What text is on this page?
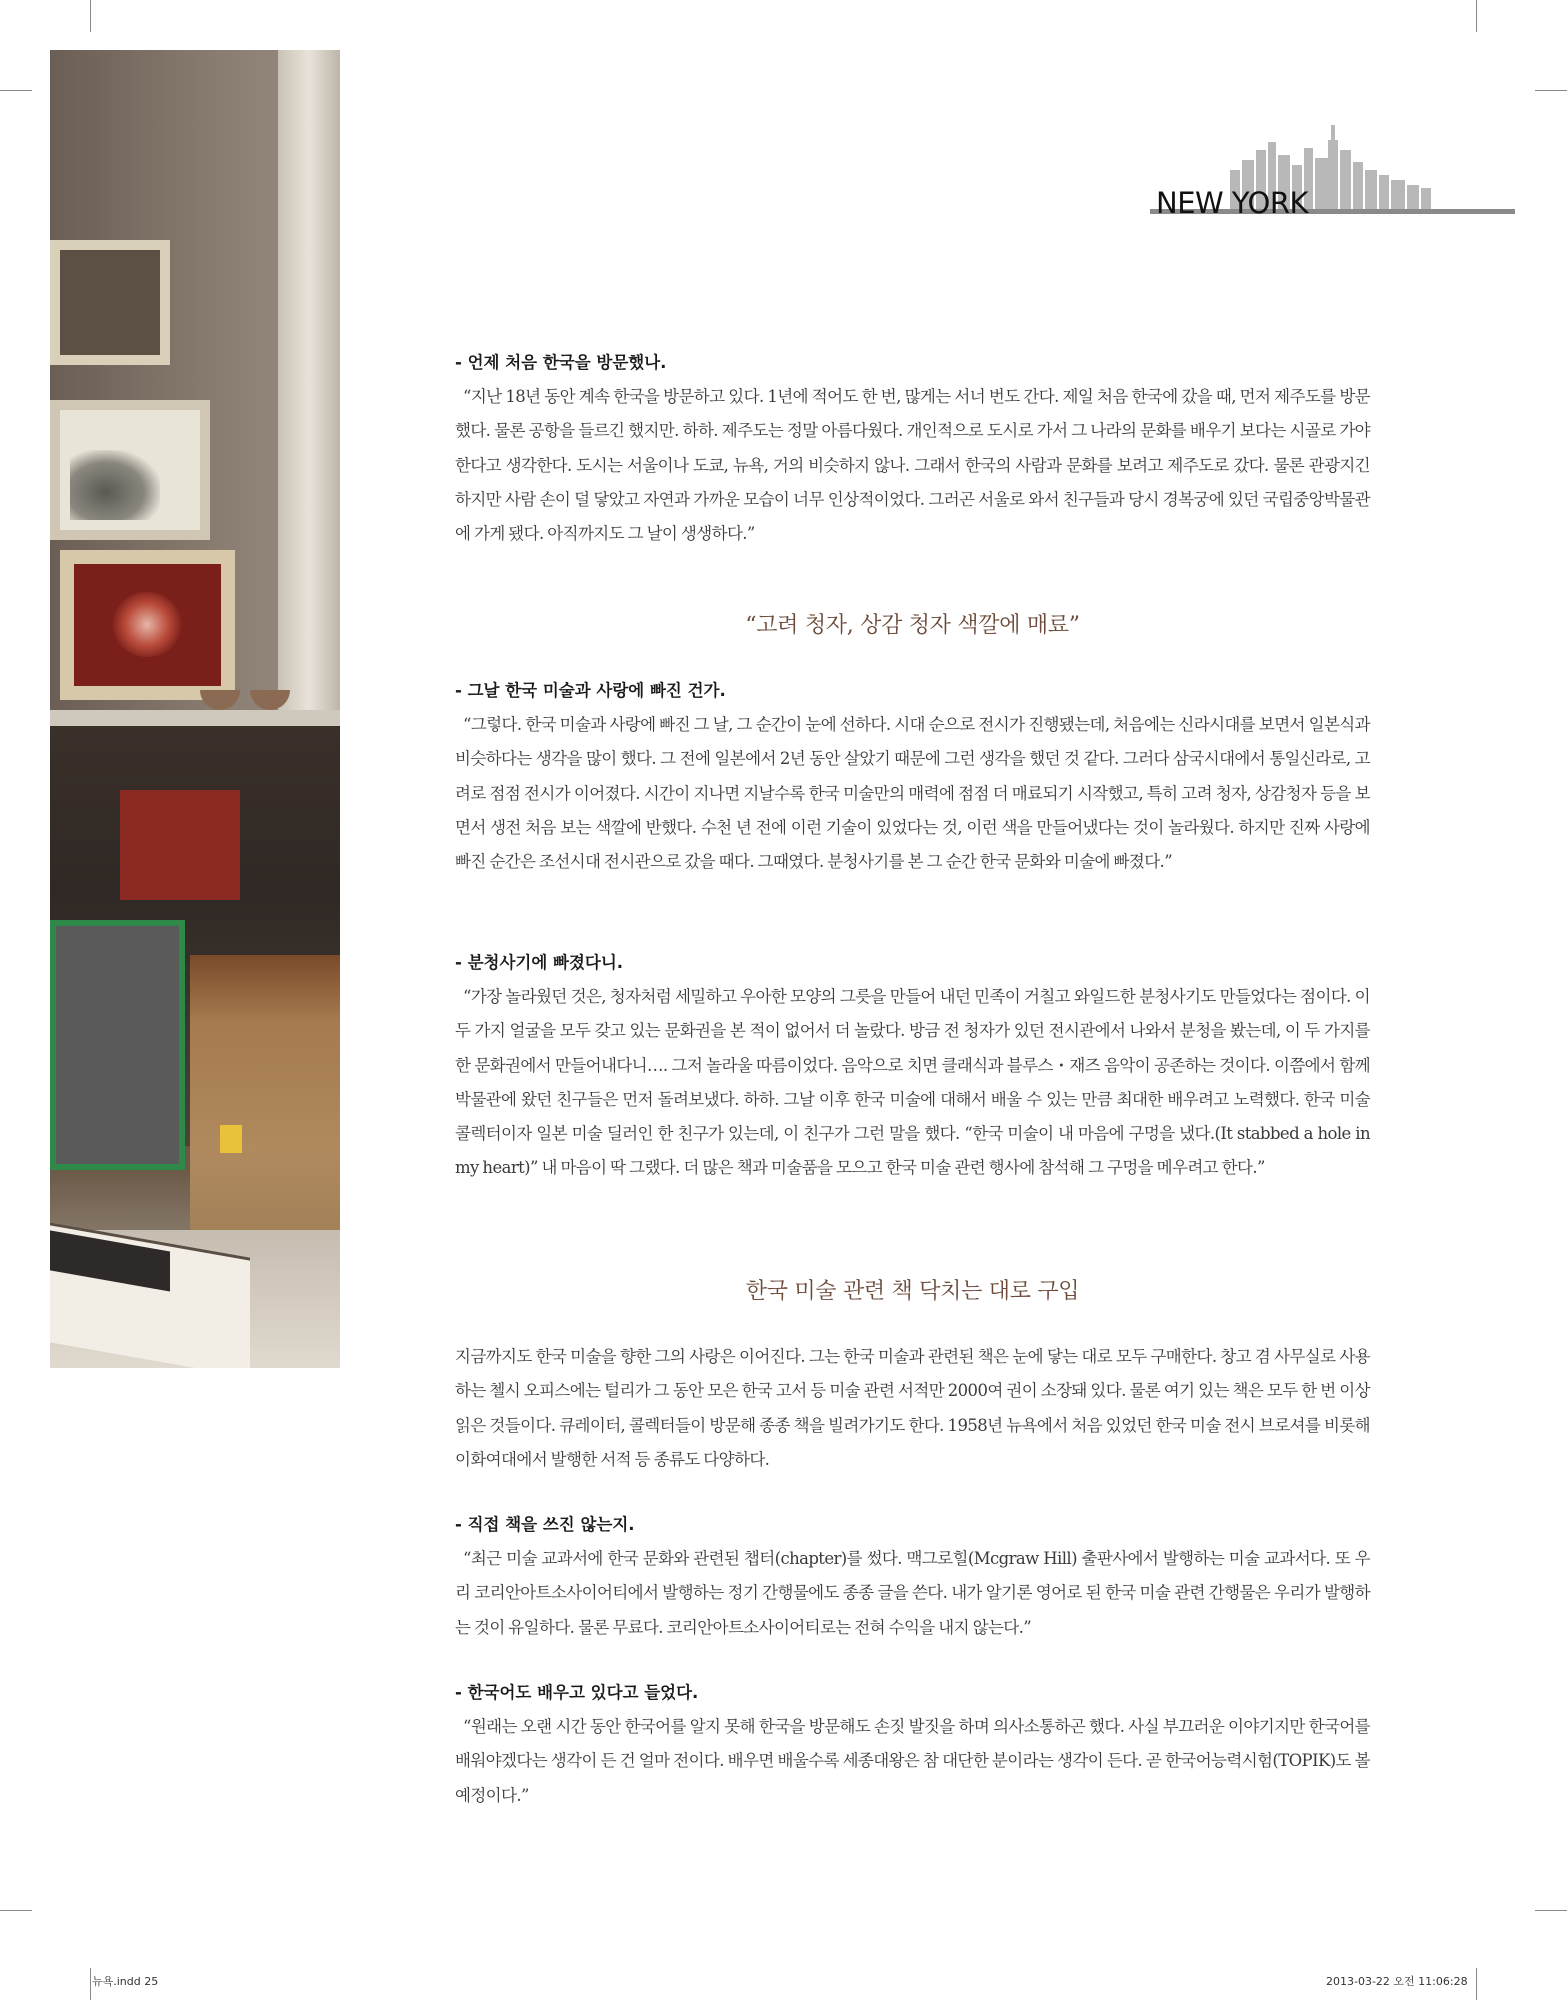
NEW YORK
- 언제 처음 한국을 방문했나.
“지난 18년 동안 계속 한국을 방문하고 있다. 1년에 적어도 한 번, 많게는 서너 번도 간다. 제일 처음 한국에 갔을 때, 먼저 제주도를 방문했다. 물론 공항을 들르긴 했지만. 하하. 제주도는 정말 아름다웠다. 개인적으로 도시로 가서 그 나라의 문화를 배우기 보다는 시골로 가야 한다고 생각한다. 도시는 서울이나 도쿄, 뉴욕, 거의 비슷하지 않나. 그래서 한국의 사람과 문화를 보려고 제주도로 갔다. 물론 관광지긴 하지만 사람 손이 덜 닿았고 자연과 가까운 모습이 너무 인상적이었다. 그러곤 서울로 와서 친구들과 당시 경복궁에 있던 국립중앙박물관에 가게 됐다. 아직까지도 그 날이 생생하다.”
“고려 청자, 상감 청자 색깔에 매료”
- 그날 한국 미술과 사랑에 빠진 건가.
“그렇다. 한국 미술과 사랑에 빠진 그 날, 그 순간이 눈에 선하다. 시대 순으로 전시가 진행됐는데, 처음에는 신라시대를 보면서 일본식과 비슷하다는 생각을 많이 했다. 그 전에 일본에서 2년 동안 살았기 때문에 그런 생각을 했던 것 같다. 그러다 삼국시대에서 통일신라로, 고려로 점점 전시가 이어졌다. 시간이 지나면 지날수록 한국 미술만의 매력에 점점 더 매료되기 시작했고, 특히 고려 청자, 상감청자 등을 보면서 생전 처음 보는 색깔에 반했다. 수천 년 전에 이런 기술이 있었다는 것, 이런 색을 만들어냈다는 것이 놀라웠다. 하지만 진짜 사랑에 빠진 순간은 조선시대 전시관으로 갔을 때다. 그때였다. 분청사기를 본 그 순간 한국 문화와 미술에 빠졌다.”
- 분청사기에 빠졌다니.
“가장 놀라웠던 것은, 청자처럼 세밀하고 우아한 모양의 그릇을 만들어 내던 민족이 거칠고 와일드한 분청사기도 만들었다는 점이다. 이 두 가지 얼굴을 모두 갖고 있는 문화권을 본 적이 없어서 더 놀랐다. 방금 전 청자가 있던 전시관에서 나와서 분청을 봤는데, 이 두 가지를 한 문화권에서 만들어내다니…. 그저 놀라울 따름이었다. 음악으로 치면 클래식과 블루스・재즈 음악이 공존하는 것이다. 이쯤에서 함께 박물관에 왔던 친구들은 먼저 돌려보냈다. 하하. 그날 이후 한국 미술에 대해서 배울 수 있는 만큼 최대한 배우려고 노력했다. 한국 미술 콜렉터이자 일본 미술 딜러인 한 친구가 있는데, 이 친구가 그런 말을 했다. “한국 미술이 내 마음에 구멍을 냈다.(It stabbed a hole in my heart)” 내 마음이 딱 그랬다. 더 많은 책과 미술품을 모으고 한국 미술 관련 행사에 참석해 그 구멍을 메우려고 한다.”
한국 미술 관련 책 닥치는 대로 구입
지금까지도 한국 미술을 향한 그의 사랑은 이어진다. 그는 한국 미술과 관련된 책은 눈에 닿는 대로 모두 구매한다. 창고 겸 사무실로 사용하는 첼시 오피스에는 털리가 그 동안 모은 한국 고서 등 미술 관련 서적만 2000여 권이 소장돼 있다. 물론 여기 있는 책은 모두 한 번 이상 읽은 것들이다. 큐레이터, 콜렉터들이 방문해 종종 책을 빌려가기도 한다. 1958년 뉴욕에서 처음 있었던 한국 미술 전시 브로셔를 비롯해 이화여대에서 발행한 서적 등 종류도 다양하다.
- 직접 책을 쓰진 않는지.
“최근 미술 교과서에 한국 문화와 관련된 챕터(chapter)를 썼다. 맥그로힐(Mcgraw Hill) 출판사에서 발행하는 미술 교과서다. 또 우리 코리안아트소사이어티에서 발행하는 정기 간행물에도 종종 글을 쓴다. 내가 알기론 영어로 된 한국 미술 관련 간행물은 우리가 발행하는 것이 유일하다. 물론 무료다. 코리안아트소사이어티로는 전혀 수익을 내지 않는다.”
- 한국어도 배우고 있다고 들었다.
“원래는 오랜 시간 동안 한국어를 알지 못해 한국을 방문해도 손짓 발짓을 하며 의사소통하곤 했다. 사실 부끄러운 이야기지만 한국어를 배워야겠다는 생각이 든 건 얼마 전이다. 배우면 배울수록 세종대왕은 참 대단한 분이라는 생각이 든다. 곧 한국어능력시험(TOPIK)도 볼 예정이다.”
뉴욕.indd 25	2013-03-22 오전 11:06:28
